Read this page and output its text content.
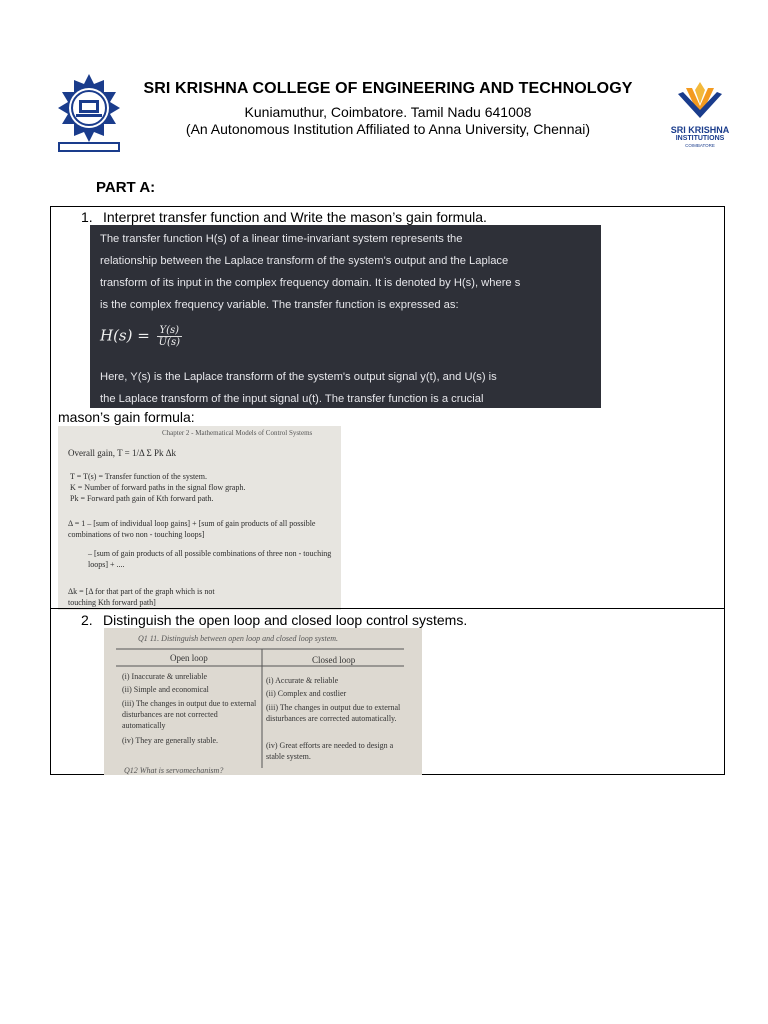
SRI KRISHNA COLLEGE OF ENGINEERING AND TECHNOLOGY
Kuniamuthur, Coimbatore. Tamil Nadu 641008
(An Autonomous Institution Affiliated to Anna University, Chennai)	SRI KRISHNA
INSTITUTIONS
COIMBATORE
PART A:
1. Interpret transfer function and Write the mason’s gain formula.

The transfer function H(s) of a linear time-invariant system represents the

relationship between the Laplace transform of the system's output and the Laplace

transform of its input in the complex frequency domain. It is denoted by H(s), where s

is the complex frequency variable. The transfer function is expressed as:

$H(s) = \frac{Y(s)}{U(s)}$

Here, Y(s) is the Laplace transform of the system's output signal y(t), and U(s) is

the Laplace transform of the input signal u(t). The transfer function is a crucial

mason’s gain formula:
Chapter 2 - Mathematical Models of Control Systems
Overall gain, T = 1/Δ Σ Pk Δk
T = T(s) = Transfer function of the system.
K = Number of forward paths in the signal flow graph.
Pk = Forward path gain of Kth forward path.
Δ = 1 – [sum of individual loop gains] + [sum of gain products of all possible combinations of two non - touching loops]
– [sum of gain products of all possible combinations of three non - touching loops] + ....
Δk = [Δ for that part of the graph which is not touching Kth forward path]
2. Distinguish the open loop and closed loop control systems.
Q1 11. Distinguish between open loop and closed loop system.
Open loop	Closed loop
(i) Inaccurate & unreliable
(ii) Simple and economical
(iii) The changes in output due to external disturbances are not corrected automatically
(iv) They are generally stable.
(i) Accurate & reliable
(ii) Complex and costlier
(iii) The changes in output due to external disturbances are corrected automatically.
(iv) Great efforts are needed to design a stable system.
Q12 What is servomechanism?
